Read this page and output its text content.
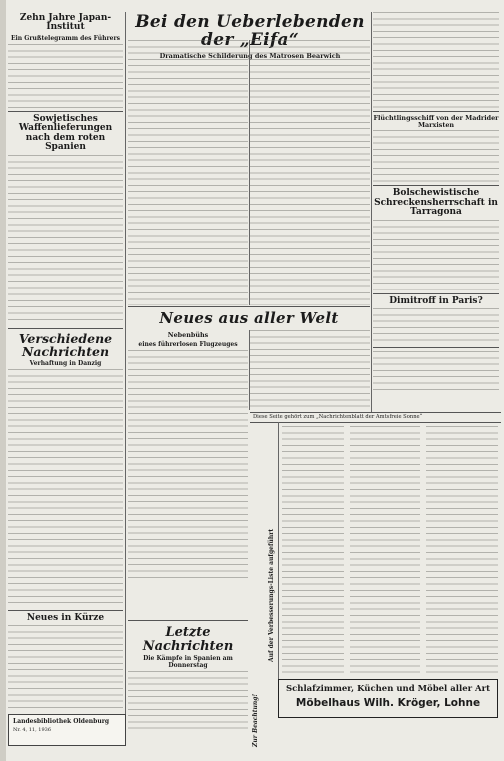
Zehn Jahre Japan-Institut
Ein Grußtelegramm des Führers
Sowjetisches Waffenlieferungen nach dem roten Spanien
Verschiedene Nachrichten
Verhaftung in Danzig
Neues in Kürze
Bei den Ueberlebenden der „Eifa“
Dramatische Schilderung des Matrosen Bearwich
Flüchtlingsschiff von der Madrider Marxisten
Bolschewistische Schreckensherrschaft in Tarragona
Dimitroff in Paris?
Neues aus aller Welt
Nebenbühs
eines führerlosen Flugzeuges
Letzte Nachrichten
Die Kämpfe in Spanien am Donnerstag
Diese Seite gehört zum „Nachrichtenblatt der Amtsfreie Sonne“
Auf der Verbesserungs-Liste aufgeführt
Schlafzimmer, Küchen und Möbel aller Art
Möbelhaus Wilh. Kröger, Lohne
Zur Beachtung!
Landesbibliothek Oldenburg
Nr. 4, 11, 1936
